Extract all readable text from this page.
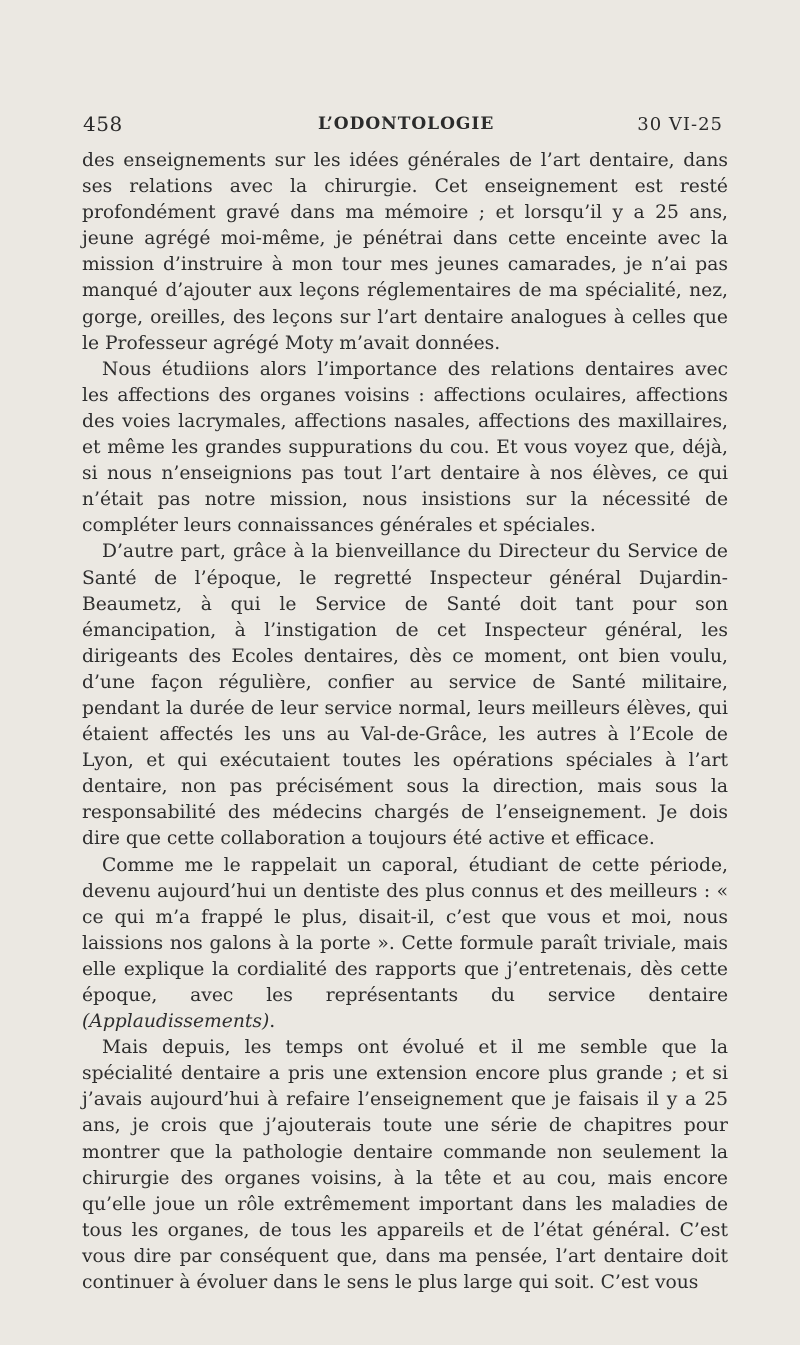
458	L’ODONTOLOGIE	30 VI-25

des enseignements sur les idées générales de l’art dentaire, dans ses relations avec la chirurgie. Cet enseignement est resté profondément gravé dans ma mémoire ; et lorsqu’il y a 25 ans, jeune agrégé moi-même, je pénétrai dans cette enceinte avec la mission d’instruire à mon tour mes jeunes camarades, je n’ai pas manqué d’ajouter aux leçons réglementaires de ma spécialité, nez, gorge, oreilles, des leçons sur l’art dentaire analogues à celles que le Professeur agrégé Moty m’avait données.

Nous étudiions alors l’importance des relations dentaires avec les affections des organes voisins : affections oculaires, affections des voies lacrymales, affections nasales, affections des maxillaires, et même les grandes suppurations du cou. Et vous voyez que, déjà, si nous n’enseignions pas tout l’art dentaire à nos élèves, ce qui n’était pas notre mission, nous insistions sur la nécessité de compléter leurs connaissances générales et spéciales.

D’autre part, grâce à la bienveillance du Directeur du Service de Santé de l’époque, le regretté Inspecteur général Dujardin-Beaumetz, à qui le Service de Santé doit tant pour son émancipation, à l’instigation de cet Inspecteur général, les dirigeants des Ecoles dentaires, dès ce moment, ont bien voulu, d’une façon régulière, confier au service de Santé militaire, pendant la durée de leur service normal, leurs meilleurs élèves, qui étaient affectés les uns au Val-de-Grâce, les autres à l’Ecole de Lyon, et qui exécutaient toutes les opérations spéciales à l’art dentaire, non pas précisément sous la direction, mais sous la responsabilité des médecins chargés de l’enseignement. Je dois dire que cette collaboration a toujours été active et efficace.

Comme me le rappelait un caporal, étudiant de cette période, devenu aujourd’hui un dentiste des plus connus et des meilleurs : « ce qui m’a frappé le plus, disait-il, c’est que vous et moi, nous laissions nos galons à la porte ». Cette formule paraît triviale, mais elle explique la cordialité des rapports que j’entretenais, dès cette époque, avec les représentants du service dentaire (Applaudissements).

Mais depuis, les temps ont évolué et il me semble que la spécialité dentaire a pris une extension encore plus grande ; et si j’avais aujourd’hui à refaire l’enseignement que je faisais il y a 25 ans, je crois que j’ajouterais toute une série de chapitres pour montrer que la pathologie dentaire commande non seulement la chirurgie des organes voisins, à la tête et au cou, mais encore qu’elle joue un rôle extrêmement important dans les maladies de tous les organes, de tous les appareils et de l’état général. C’est vous dire par conséquent que, dans ma pensée, l’art dentaire doit continuer à évoluer dans le sens le plus large qui soit. C’est vous
